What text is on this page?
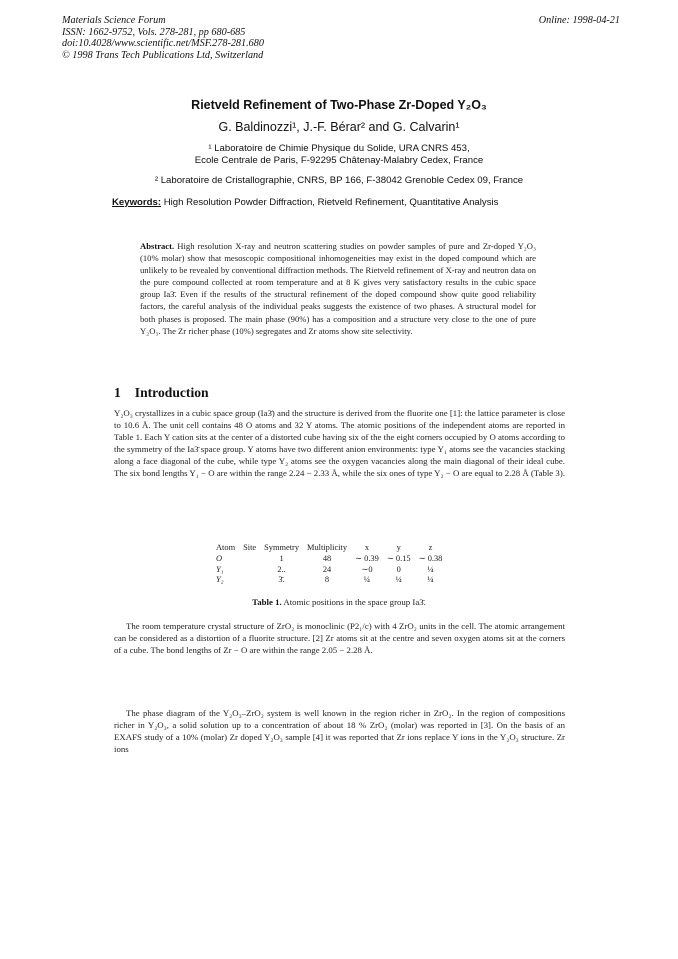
Materials Science Forum
ISSN: 1662-9752, Vols. 278-281, pp 680-685
doi:10.4028/www.scientific.net/MSF.278-281.680
© 1998 Trans Tech Publications Ltd, Switzerland
Online: 1998-04-21
Rietveld Refinement of Two-Phase Zr-Doped Y₂O₃
G. Baldinozzi¹, J.-F. Bérar² and G. Calvarin¹
¹ Laboratoire de Chimie Physique du Solide, URA CNRS 453,
Ecole Centrale de Paris, F-92295 Châtenay-Malabry Cedex, France
² Laboratoire de Cristallographie, CNRS, BP 166, F-38042 Grenoble Cedex 09, France
Keywords: High Resolution Powder Diffraction, Rietveld Refinement, Quantitative Analysis
Abstract. High resolution X-ray and neutron scattering studies on powder samples of pure and Zr-doped Y₂O₃ (10% molar) show that mesoscopic compositional inhomogeneities may exist in the doped compound which are unlikely to be revealed by conventional diffraction methods. The Rietveld refinement of X-ray and neutron data on the pure compound collected at room temperature and at 8 K gives very satisfactory results in the cubic space group Ia3̄. Even if the results of the structural refinement of the doped compound show quite good reliability factors, the careful analysis of the individual peaks suggests the existence of two phases. A structural model for both phases is proposed. The main phase (90%) has a composition and a structure very close to the one of pure Y₂O₃. The Zr richer phase (10%) segregates and Zr atoms show site selectivity.
1 Introduction
Y₂O₃ crystallizes in a cubic space group (Ia3̄) and the structure is derived from the fluorite one [1]: the lattice parameter is close to 10.6 Å. The unit cell contains 48 O atoms and 32 Y atoms. The atomic positions of the independent atoms are reported in Table 1. Each Y cation sits at the center of a distorted cube having six of the the eight corners occupied by O atoms according to the symmetry of the Ia3̄ space group. Y atoms have two different anion environments: type Y₁ atoms see the vacancies stacking along a face diagonal of the cube, while type Y₂ atoms see the oxygen vacancies along the main diagonal of their ideal cube. The six bond lengths Y₁ − O are within the range 2.24 − 2.33 Å, while the six ones of type Y₂ − O are equal to 2.28 Å (Table 3).
Atom	Site	Symmetry	Multiplicity	x	y	z
O		1	48	∼ 0.39	∼ 0.15	∼ 0.38
Y₁		2..	24	∼0	0	¼
Y₂		3̄.	8	¼	¼	¼
Table 1. Atomic positions in the space group Ia3̄.
The room temperature crystal structure of ZrO₂ is monoclinic (P2₁/c) with 4 ZrO₂ units in the cell. The atomic arrangement can be considered as a distortion of a fluorite structure. [2] Zr atoms sit at the centre and seven oxygen atoms sit at the corners of a cube. The bond lengths of Zr − O are within the range 2.05 − 2.28 Å.
The phase diagram of the Y₂O₃–ZrO₂ system is well known in the region richer in ZrO₂. In the region of compositions richer in Y₂O₃, a solid solution up to a concentration of about 18 % ZrO₂ (molar) was reported in [3]. On the basis of an EXAFS study of a 10% (molar) Zr doped Y₂O₃ sample [4] it was reported that Zr ions replace Y ions in the Y₂O₃ structure. Zr ions
